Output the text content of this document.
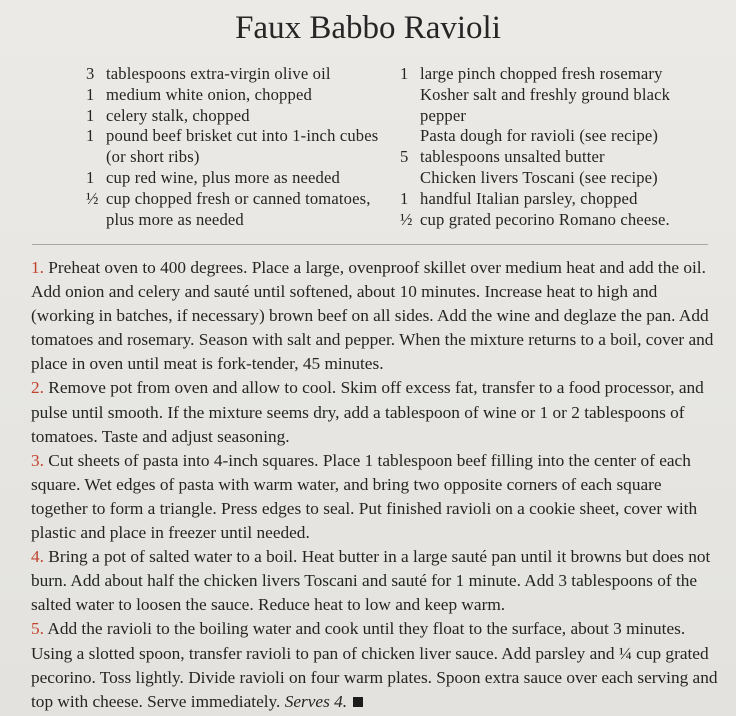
Faux Babbo Ravioli
3 tablespoons extra-virgin olive oil
1 medium white onion, chopped
1 celery stalk, chopped
1 pound beef brisket cut into 1-inch cubes (or short ribs)
1 cup red wine, plus more as needed
½ cup chopped fresh or canned tomatoes, plus more as needed
1 large pinch chopped fresh rosemary
Kosher salt and freshly ground black pepper
Pasta dough for ravioli (see recipe)
5 tablespoons unsalted butter
Chicken livers Toscani (see recipe)
1 handful Italian parsley, chopped
½ cup grated pecorino Romano cheese.

1. Preheat oven to 400 degrees. Place a large, ovenproof skillet over medium heat and add the oil. Add onion and celery and sauté until softened, about 10 minutes. Increase heat to high and (working in batches, if necessary) brown beef on all sides. Add the wine and deglaze the pan. Add tomatoes and rosemary. Season with salt and pepper. When the mixture returns to a boil, cover and place in oven until meat is fork-tender, 45 minutes.

2. Remove pot from oven and allow to cool. Skim off excess fat, transfer to a food processor, and pulse until smooth. If the mixture seems dry, add a tablespoon of wine or 1 or 2 tablespoons of tomatoes. Taste and adjust seasoning.

3. Cut sheets of pasta into 4-inch squares. Place 1 tablespoon beef filling into the center of each square. Wet edges of pasta with warm water, and bring two opposite corners of each square together to form a triangle. Press edges to seal. Put finished ravioli on a cookie sheet, cover with plastic and place in freezer until needed.

4. Bring a pot of salted water to a boil. Heat butter in a large sauté pan until it browns but does not burn. Add about half the chicken livers Toscani and sauté for 1 minute. Add 3 tablespoons of the salted water to loosen the sauce. Reduce heat to low and keep warm.

5. Add the ravioli to the boiling water and cook until they float to the surface, about 3 minutes. Using a slotted spoon, transfer ravioli to pan of chicken liver sauce. Add parsley and ¼ cup grated pecorino. Toss lightly. Divide ravioli on four warm plates. Spoon extra sauce over each serving and top with cheese. Serve immediately. Serves 4.
